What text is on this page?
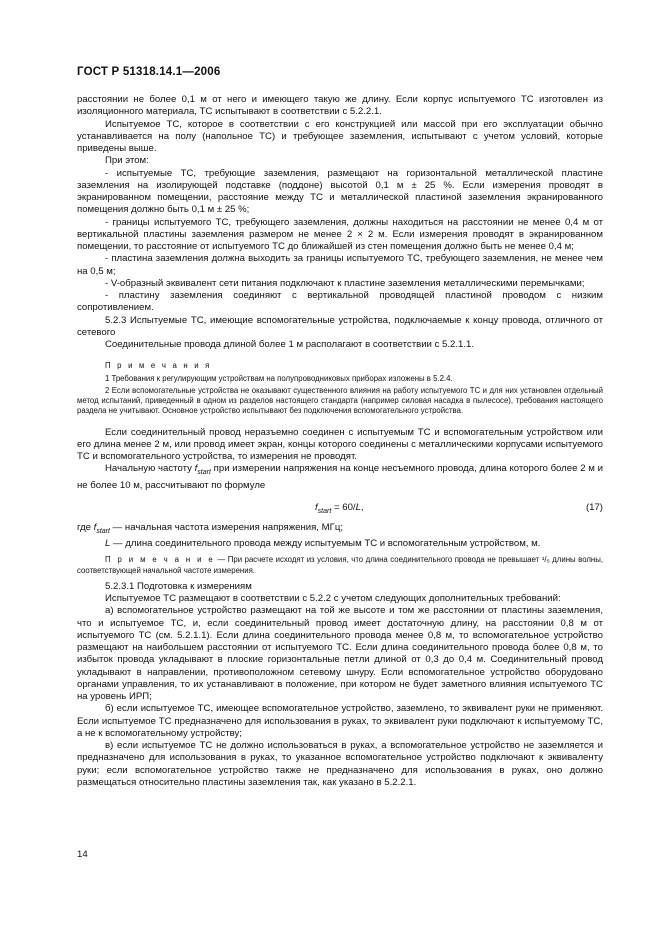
ГОСТ Р 51318.14.1—2006

расстоянии не более 0,1 м от него и имеющего такую же длину. Если корпус испытуемого ТС изготовлен из изоляционного материала, ТС испытывают в соответствии с 5.2.2.1.

Испытуемое ТС, которое в соответствии с его конструкцией или массой при его эксплуатации обычно устанавливается на полу (напольное ТС) и требующее заземления, испытывают с учетом условий, которые приведены выше.

При этом:

- испытуемые ТС, требующие заземления, размещают на горизонтальной металлической пластине заземления на изолирующей подставке (поддоне) высотой 0,1 м ± 25 %. Если измерения проводят в экранированном помещении, расстояние между ТС и металлической пластиной заземления экранированного помещения должно быть 0,1 м ± 25 %;

- границы испытуемого ТС, требующего заземления, должны находиться на расстоянии не менее 0,4 м от вертикальной пластины заземления размером не менее 2 × 2 м. Если измерения проводят в экранированном помещении, то расстояние от испытуемого ТС до ближайшей из стен помещения должно быть не менее 0,4 м;

- пластина заземления должна выходить за границы испытуемого ТС, требующего заземления, не менее чем на 0,5 м;

- V-образный эквивалент сети питания подключают к пластине заземления металлическими перемычками;

- пластину заземления соединяют с вертикальной проводящей пластиной проводом с низким сопротивлением.

5.2.3 Испытуемые ТС, имеющие вспомогательные устройства, подключаемые к концу провода, отличного от сетевого

Соединительные провода длиной более 1 м располагают в соответствии с 5.2.1.1.

П р и м е ч а н и я

1 Требования к регулирующим устройствам на полупроводниковых приборах изложены в 5.2.4.

2 Если вспомогательные устройства не оказывают существенного влияния на работу испытуемого ТС и для них установлен отдельный метод испытаний, приведенный в одном из разделов настоящего стандарта (например силовая насадка в пылесосе), требования настоящего раздела не учитывают. Основное устройство испытывают без подключения вспомогательного устройства.

Если соединительный провод неразъемно соединен с испытуемым ТС и вспомогательным устройством или его длина менее 2 м, или провод имеет экран, концы которого соединены с металлическими корпусами испытуемого ТС и вспомогательного устройства, то измерения не проводят.

Начальную частоту $f_{start}$ при измерении напряжения на конце несъемного провода, длина которого более 2 м и не более 10 м, рассчитывают по формуле

$f_{start} = 60/L$,	(17)

где $f_{start}$ — начальная частота измерения напряжения, МГц;

L — длина соединительного провода между испытуемым ТС и вспомогательным устройством, м.

П р и м е ч а н и е — При расчете исходят из условия, что длина соединительного провода не превышает ¹/₅ длины волны, соответствующей начальной частоте измерения.

5.2.3.1 Подготовка к измерениям

Испытуемое ТС размещают в соответствии с 5.2.2 с учетом следующих дополнительных требований:

а) вспомогательное устройство размещают на той же высоте и том же расстоянии от пластины заземления, что и испытуемое ТС, и, если соединительный провод имеет достаточную длину, на расстоянии 0,8 м от испытуемого ТС (см. 5.2.1.1). Если длина соединительного провода менее 0,8 м, то вспомогательное устройство размещают на наибольшем расстоянии от испытуемого ТС. Если длина соединительного провода более 0,8 м, то избыток провода укладывают в плоские горизонтальные петли длиной от 0,3 до 0,4 м. Соединительный провод укладывают в направлении, противоположном сетевому шнуру. Если вспомогательное устройство оборудовано органами управления, то их устанавливают в положение, при котором не будет заметного влияния испытуемого ТС на уровень ИРП;

б) если испытуемое ТС, имеющее вспомогательное устройство, заземлено, то эквивалент руки не применяют. Если испытуемое ТС предназначено для использования в руках, то эквивалент руки подключают к испытуемому ТС, а не к вспомогательному устройству;

в) если испытуемое ТС не должно использоваться в руках, а вспомогательное устройство не заземляется и предназначено для использования в руках, то указанное вспомогательное устройство подключают к эквиваленту руки; если вспомогательное устройство также не предназначено для использования в руках, оно должно размещаться относительно пластины заземления так, как указано в 5.2.2.1.

14
